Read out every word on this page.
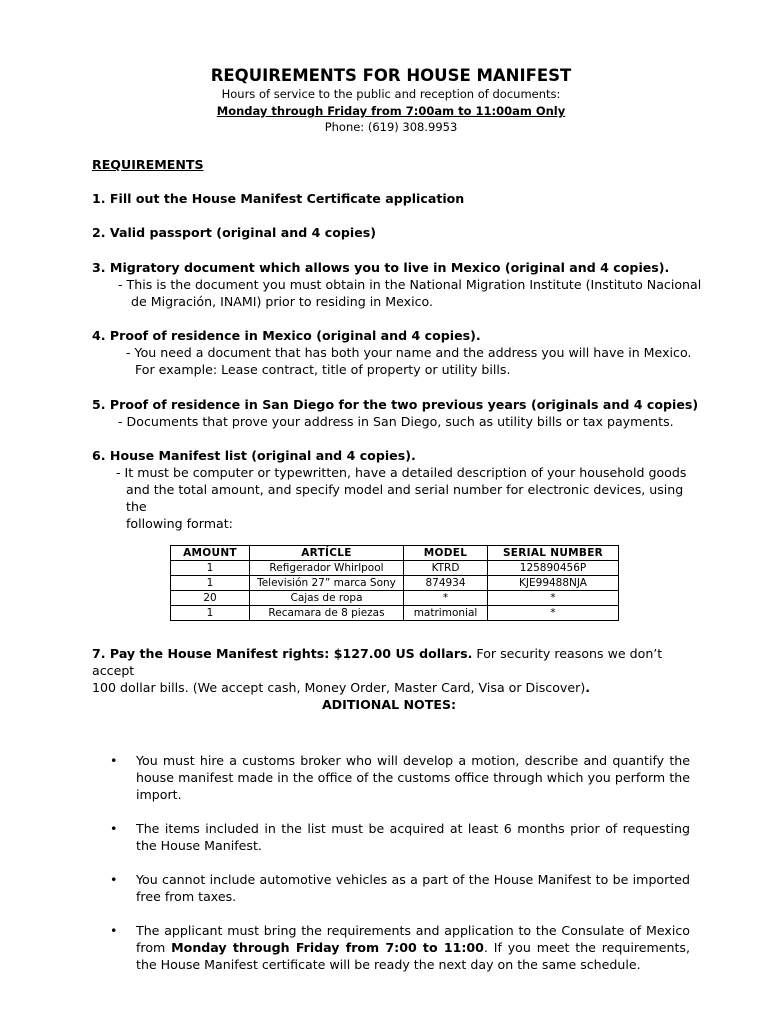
REQUIREMENTS FOR HOUSE MANIFEST
Hours of service to the public and reception of documents:
Monday through Friday from 7:00am to 11:00am Only
Phone: (619) 308.9953
REQUIREMENTS
1. Fill out the House Manifest Certificate application
2. Valid passport (original and 4 copies)
3. Migratory document which allows you to live in Mexico (original and 4 copies).
- This is the document you must obtain in the National Migration Institute (Instituto Nacional
de Migración, INAMI) prior to residing in Mexico.
4. Proof of residence in Mexico (original and 4 copies).
- You need a document that has both your name and the address you will have in Mexico.
For example: Lease contract, title of property or utility bills.
5. Proof of residence in San Diego for the two previous years (originals and 4 copies)
- Documents that prove your address in San Diego, such as utility bills or tax payments.
6. House Manifest list (original and 4 copies).
- It must be computer or typewritten, have a detailed description of your household goods
and the total amount, and specify model and serial number for electronic devices, using the
following format:
AMOUNT	ARTÍCLE	MODEL	SERIAL NUMBER
1	Refigerador Whirlpool	KTRD	125890456P
1	Televisión 27” marca Sony	874934	KJE99488NJA
20	Cajas de ropa	*	*
1	Recamara de 8 piezas	matrimonial	*
7. Pay the House Manifest rights: $127.00 US dollars. For security reasons we don’t accept
100 dollar bills. (We accept cash, Money Order, Master Card, Visa or Discover).
ADITIONAL NOTES:
• You must hire a customs broker who will develop a motion, describe and quantify the house manifest made in the office of the customs office through which you perform the import.
• The items included in the list must be acquired at least 6 months prior of requesting the House Manifest.
• You cannot include automotive vehicles as a part of the House Manifest to be imported free from taxes.
• The applicant must bring the requirements and application to the Consulate of Mexico from Monday through Friday from 7:00 to 11:00. If you meet the requirements, the House Manifest certificate will be ready the next day on the same schedule.
